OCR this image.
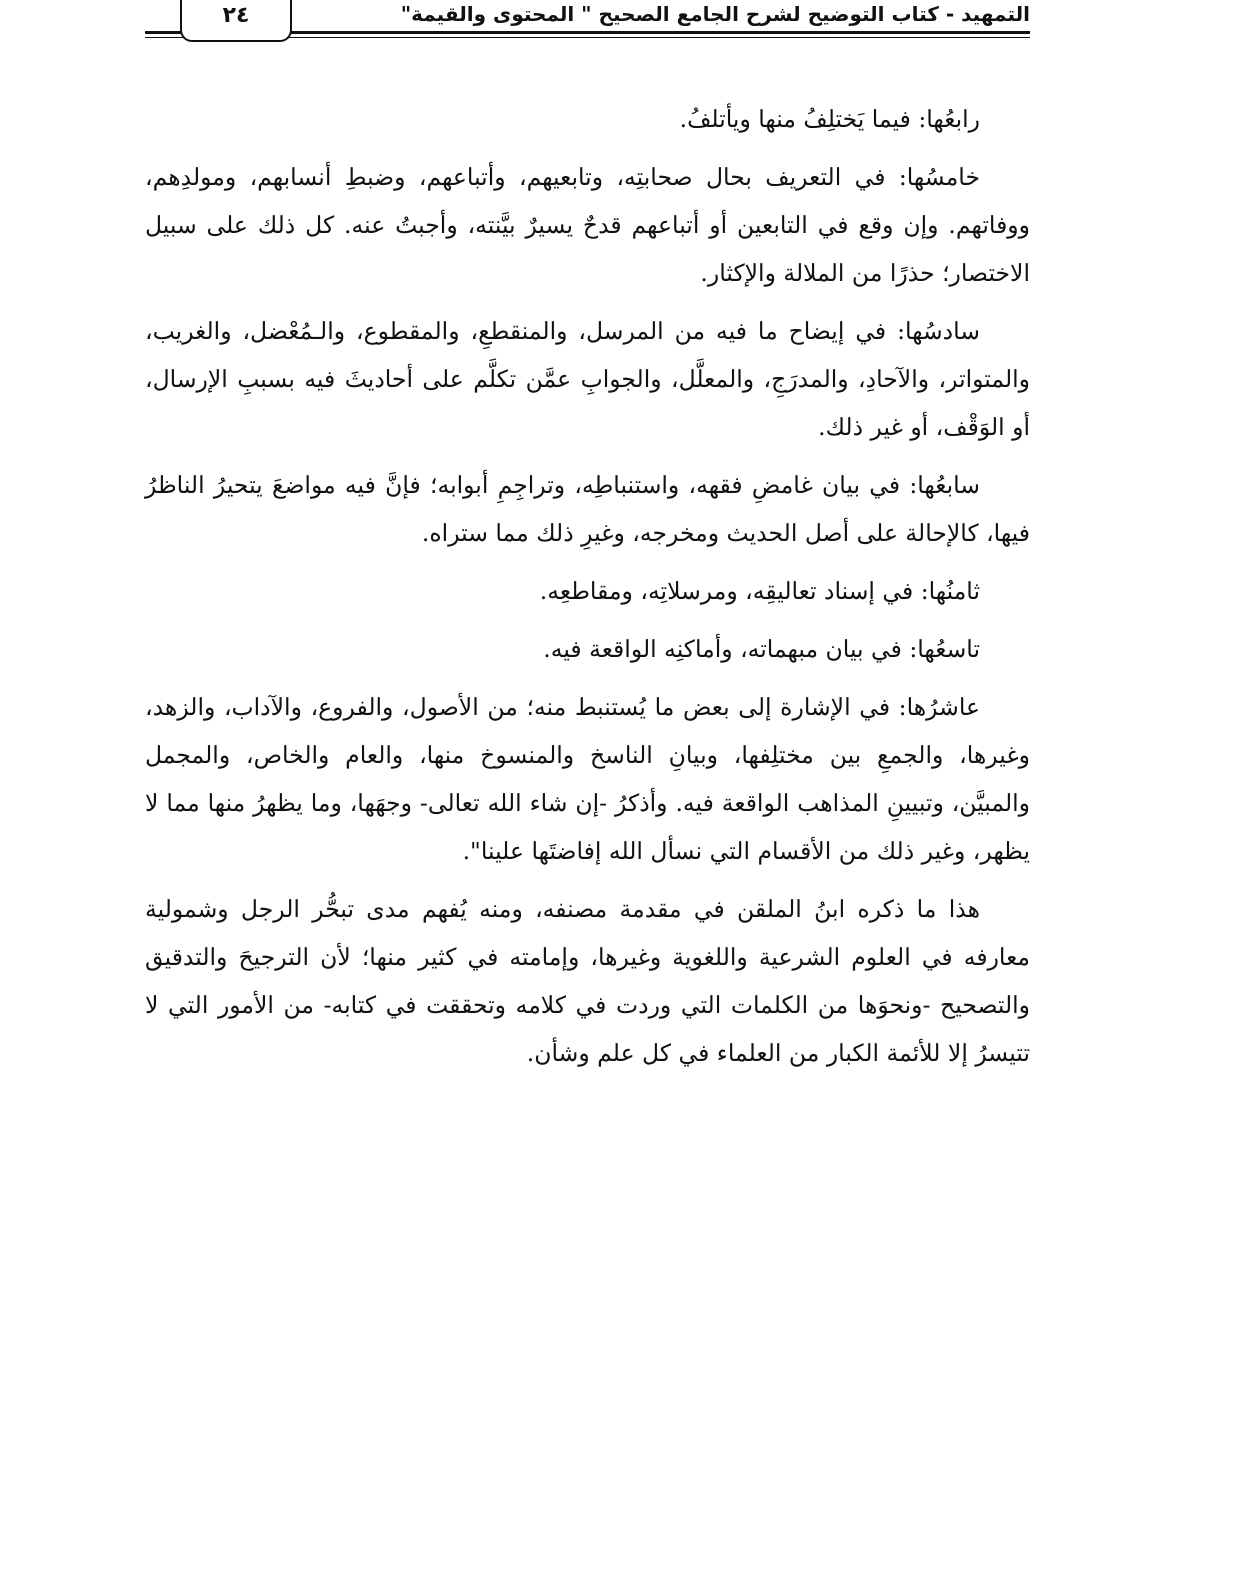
التمهيد - كتاب التوضيح لشرح الجامع الصحيح " المحتوى والقيمة"
٢٤

رابعُها: فيما يَختلِفُ منها ويأتلفُ.

خامسُها: في التعريف بحال صحابتِه، وتابعيهم، وأتباعهم، وضبطِ أنسابهم، ومولدِهم، ووفاتهم. وإن وقع في التابعين أو أتباعهم قدحٌ يسيرٌ بيَّنته، وأجبتُ عنه. كل ذلك على سبيل الاختصار؛ حذرًا من الملالة والإكثار.

سادسُها: في إيضاح ما فيه من المرسل، والمنقطعِ، والمقطوع، والـمُعْضل، والغريب، والمتواتر، والآحادِ، والمدرَجِ، والمعلَّل، والجوابِ عمَّن تكلَّم على أحاديثَ فيه بسببِ الإرسال، أو الوَقْف، أو غير ذلك.

سابعُها: في بيان غامضِ فقهه، واستنباطِه، وتراجِمِ أبوابه؛ فإنَّ فيه مواضعَ يتحيرُ الناظرُ فيها، كالإحالة على أصل الحديث ومخرجه، وغيرِ ذلك مما ستراه.

ثامنُها: في إسناد تعاليقِه، ومرسلاتِه، ومقاطعِه.

تاسعُها: في بيان مبهماته، وأماكنِه الواقعة فيه.

عاشرُها: في الإشارة إلى بعض ما يُستنبط منه؛ من الأصول، والفروع، والآداب، والزهد، وغيرها، والجمعِ بين مختلِفها، وبيانِ الناسخ والمنسوخ منها، والعام والخاص، والمجمل والمبيَّن، وتبيينِ المذاهب الواقعة فيه. وأذكرُ -إن شاء الله تعالى- وجهَها، وما يظهرُ منها مما لا يظهر، وغير ذلك من الأقسام التي نسأل الله إفاضتَها علينا".

هذا ما ذكره ابنُ الملقن في مقدمة مصنفه، ومنه يُفهم مدى تبحُّر الرجل وشمولية معارفه في العلوم الشرعية واللغوية وغيرها، وإمامته في كثير منها؛ لأن الترجيحَ والتدقيق والتصحيح -ونحوَها من الكلمات التي وردت في كلامه وتحققت في كتابه- من الأمور التي لا تتيسرُ إلا للأئمة الكبار من العلماء في كل علم وشأن.
